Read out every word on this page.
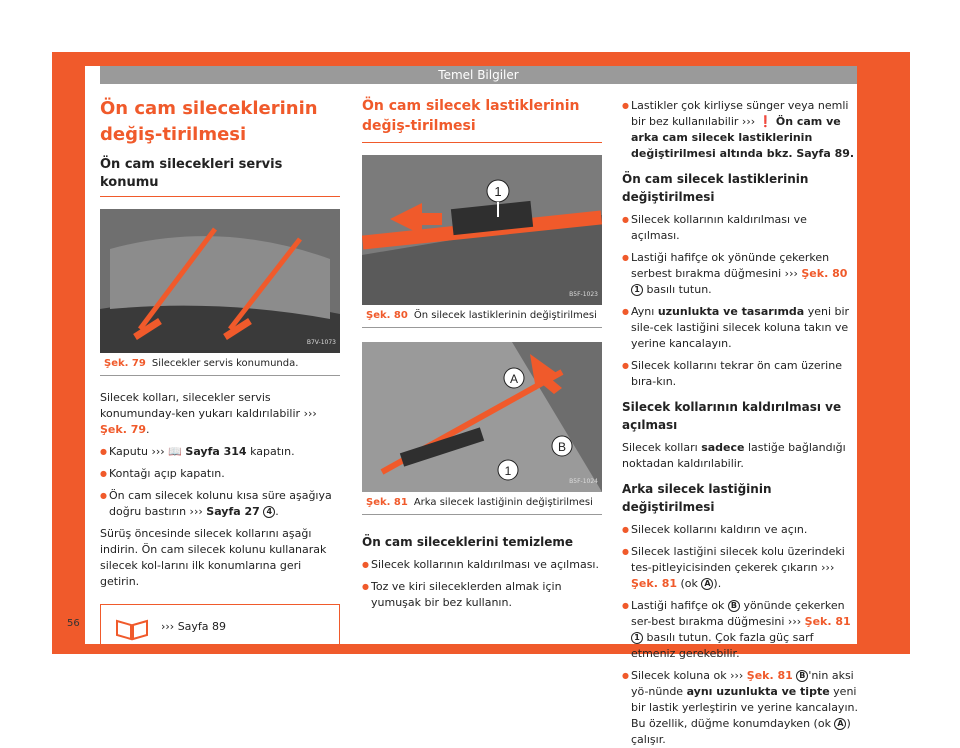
Temel Bilgiler
56
Ön cam sileceklerinin değiş-tirilmesi
Ön cam silecekleri servis konumu
B7V-1073
Şek. 79 Silecekler servis konumunda.
Silecek kolları, silecekler servis konumunday-ken yukarı kaldırılabilir ››› Şek. 79.
● Kaputu ››› 📖 Sayfa 314 kapatın.
● Kontağı açıp kapatın.
● Ön cam silecek kolunu kısa süre aşağıya doğru bastırın ››› Sayfa 27 4 .
Sürüş öncesinde silecek kollarını aşağı indirin. Ön cam silecek kolunu kullanarak silecek kol-larını ilk konumlarına geri getirin.
››› Sayfa 89
Ön cam silecek lastiklerinin değiş-tirilmesi
1
B5F-1023
Şek. 80 Ön silecek lastiklerinin değiştirilmesi
A
B
1
B5F-1024
Şek. 81 Arka silecek lastiğinin değiştirilmesi
Ön cam sileceklerini temizleme
● Silecek kollarının kaldırılması ve açılması.
● Toz ve kiri sileceklerden almak için yumuşak bir bez kullanın.
● Lastikler çok kirliyse sünger veya nemli bir bez kullanılabilir ››› ❗ Ön cam ve arka cam silecek lastiklerinin değiştirilmesi altında bkz. Sayfa 89.
Ön cam silecek lastiklerinin değiştirilmesi
● Silecek kollarının kaldırılması ve açılması.
● Lastiği hafifçe ok yönünde çekerken serbest bırakma düğmesini ››› Şek. 80 1 basılı tutun.
● Aynı uzunlukta ve tasarımda yeni bir sile-cek lastiğini silecek koluna takın ve yerine kancalayın.
● Silecek kollarını tekrar ön cam üzerine bıra-kın.
Silecek kollarının kaldırılması ve açılması
Silecek kolları sadece lastiğe bağlandığı noktadan kaldırılabilir.
Arka silecek lastiğinin değiştirilmesi
● Silecek kollarını kaldırın ve açın.
● Silecek lastiğini silecek kolu üzerindeki tes-pitleyicisinden çekerek çıkarın ››› Şek. 81 (ok A ).
● Lastiği hafifçe ok B yönünde çekerken ser-best bırakma düğmesini ››› Şek. 81 1 basılı tutun. Çok fazla güç sarf etmeniz gerekebilir.
● Silecek koluna ok ››› Şek. 81 B 'nin aksi yö-nünde aynı uzunlukta ve tipte yeni bir lastik yerleştirin ve yerine kancalayın. Bu özellik, düğme konumdayken (ok A ) çalışır.
